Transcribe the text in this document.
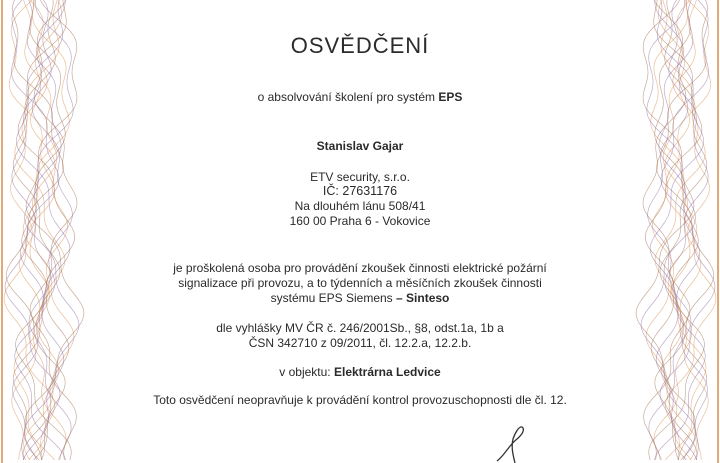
OSVĚDČENÍ
o absolvování školení pro systém EPS
Stanislav Gajar
ETV security, s.r.o.
IČ: 27631176
Na dlouhém lánu 508/41
160 00 Praha 6 - Vokovice
je proškolená osoba pro provádění zkoušek činnosti elektrické požární
signalizace při provozu, a to týdenních a měsíčních zkoušek činnosti
systému EPS Siemens – Sinteso
dle vyhlášky MV ČR č. 246/2001Sb., §8, odst.1a, 1b a
ČSN 342710 z 09/2011, čl. 12.2.a, 12.2.b.
v objektu: Elektrárna Ledvice
Toto osvědčení neopravňuje k provádění kontrol provozuschopnosti dle čl. 12.
